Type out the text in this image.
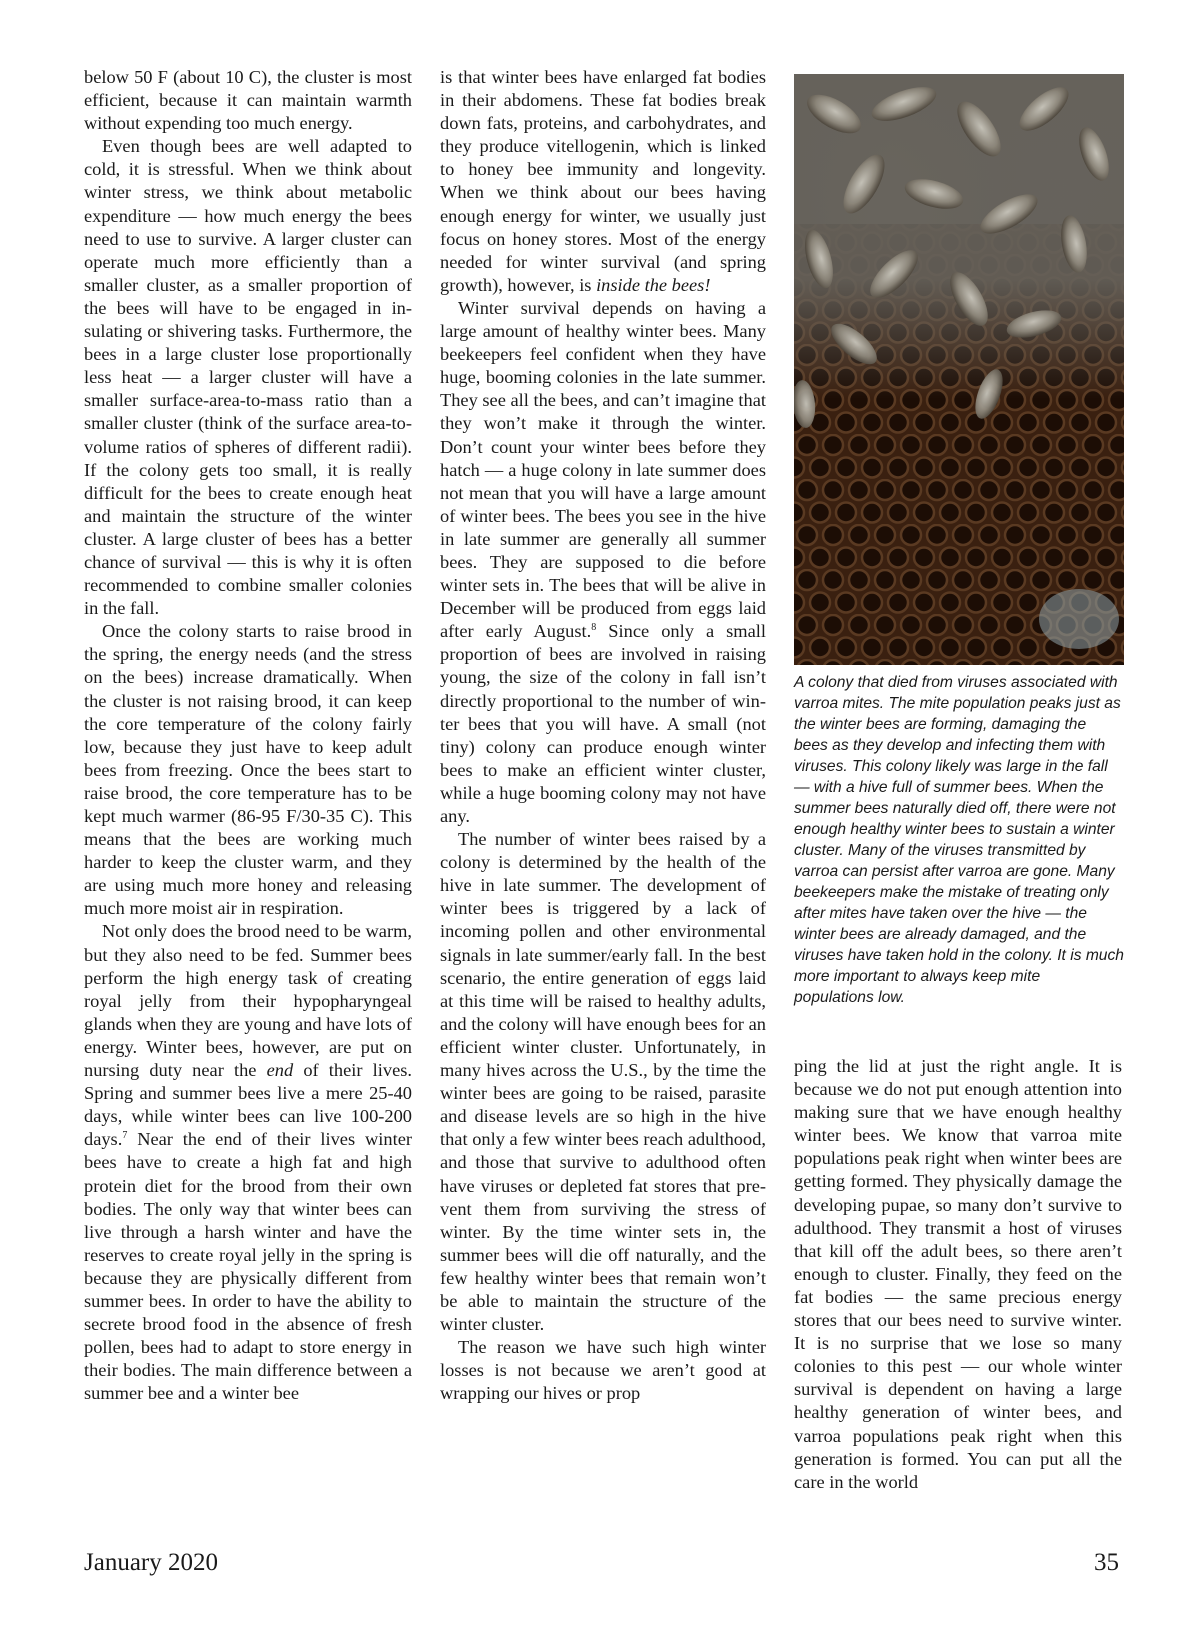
below 50 F (about 10 C), the cluster is most efficient, because it can maintain warmth without expending too much energy.

Even though bees are well adapted to cold, it is stressful. When we think about winter stress, we think about metabolic expenditure — how much energy the bees need to use to survive. A larger cluster can operate much more efficiently than a smaller cluster, as a smaller proportion of the bees will have to be engaged in insulating or shivering tasks. Furthermore, the bees in a large cluster lose proportionally less heat — a larger cluster will have a smaller surface-area-to-mass ratio than a smaller cluster (think of the surface area-to-volume ratios of spheres of different radii). If the colony gets too small, it is really difficult for the bees to create enough heat and maintain the structure of the winter cluster. A large cluster of bees has a better chance of survival — this is why it is often recommended to combine smaller colonies in the fall.

Once the colony starts to raise brood in the spring, the energy needs (and the stress on the bees) increase dramatically. When the cluster is not raising brood, it can keep the core temperature of the colony fairly low, because they just have to keep adult bees from freezing. Once the bees start to raise brood, the core temperature has to be kept much warmer (86-95 F/30-35 C). This means that the bees are working much harder to keep the cluster warm, and they are using much more honey and releasing much more moist air in respiration.

Not only does the brood need to be warm, but they also need to be fed. Summer bees perform the high energy task of creating royal jelly from their hypopharyngeal glands when they are young and have lots of energy. Winter bees, however, are put on nursing duty near the end of their lives. Spring and summer bees live a mere 25-40 days, while winter bees can live 100-200 days.$^7$ Near the end of their lives winter bees have to create a high fat and high protein diet for the brood from their own bodies. The only way that winter bees can live through a harsh winter and have the reserves to create royal jelly in the spring is because they are physically different from summer bees. In order to have the ability to secrete brood food in the absence of fresh pollen, bees had to adapt to store energy in their bodies. The main difference between a summer bee and a winter bee

is that winter bees have enlarged fat bodies in their abdomens. These fat bodies break down fats, proteins, and carbohydrates, and they produce vitellogenin, which is linked to honey bee immunity and longevity. When we think about our bees having enough energy for winter, we usually just focus on honey stores. Most of the energy needed for winter survival (and spring growth), however, is inside the bees!

Winter survival depends on having a large amount of healthy winter bees. Many beekeepers feel confident when they have huge, booming colonies in the late summer. They see all the bees, and can’t imagine that they won’t make it through the winter. Don’t count your winter bees before they hatch — a huge colony in late summer does not mean that you will have a large amount of winter bees. The bees you see in the hive in late summer are generally all summer bees. They are supposed to die before winter sets in. The bees that will be alive in December will be produced from eggs laid after early August.$^8$ Since only a small proportion of bees are involved in raising young, the size of the colony in fall isn’t directly proportional to the number of winter bees that you will have. A small (not tiny) colony can produce enough winter bees to make an efficient winter cluster, while a huge booming colony may not have any.

The number of winter bees raised by a colony is determined by the health of the hive in late summer. The development of winter bees is triggered by a lack of incoming pollen and other environmental signals in late summer/early fall. In the best scenario, the entire generation of eggs laid at this time will be raised to healthy adults, and the colony will have enough bees for an efficient winter cluster. Unfortunately, in many hives across the U.S., by the time the winter bees are going to be raised, parasite and disease levels are so high in the hive that only a few winter bees reach adulthood, and those that survive to adulthood often have viruses or depleted fat stores that prevent them from surviving the stress of winter. By the time winter sets in, the summer bees will die off naturally, and the few healthy winter bees that remain won’t be able to maintain the structure of the winter cluster.

The reason we have such high winter losses is not because we aren’t good at wrapping our hives or prop

A colony that died from viruses associated with varroa mites. The mite population peaks just as the winter bees are forming, damaging the bees as they develop and infecting them with viruses. This colony likely was large in the fall — with a hive full of summer bees. When the summer bees naturally died off, there were not enough healthy winter bees to sustain a winter cluster. Many of the viruses transmitted by varroa can persist after varroa are gone. Many beekeepers make the mistake of treating only after mites have taken over the hive — the winter bees are already damaged, and the viruses have taken hold in the colony. It is much more important to always keep mite populations low.

ping the lid at just the right angle. It is because we do not put enough attention into making sure that we have enough healthy winter bees. We know that varroa mite populations peak right when winter bees are getting formed. They physically damage the developing pupae, so many don’t survive to adulthood. They transmit a host of viruses that kill off the adult bees, so there aren’t enough to cluster. Finally, they feed on the fat bodies — the same precious energy stores that our bees need to survive winter. It is no surprise that we lose so many colonies to this pest — our whole winter survival is dependent on having a large healthy generation of winter bees, and varroa populations peak right when this generation is formed. You can put all the care in the world

January 2020	35
